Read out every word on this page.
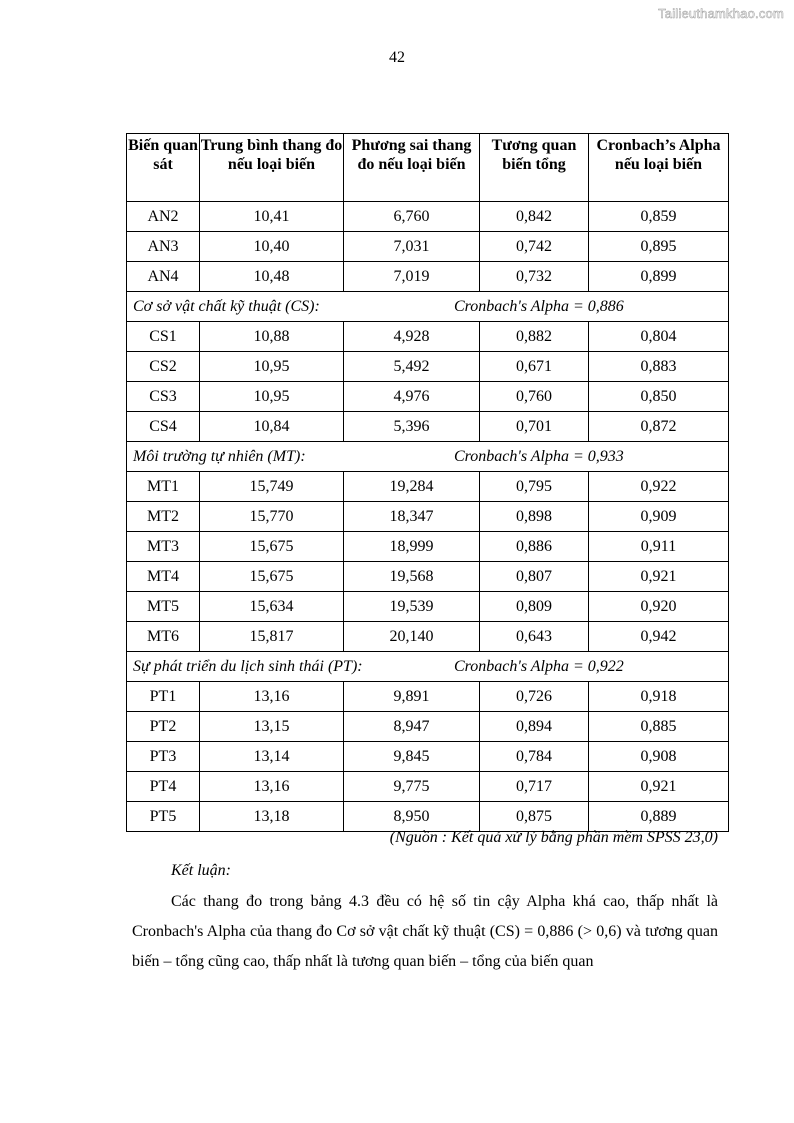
Tailieuthamkhao.com
42
Biến quan sát	Trung bình thang đo nếu loại biến	Phương sai thang đo nếu loại biến	Tương quan biến tổng	Cronbach’s Alpha nếu loại biến
AN2	10,41	6,760	0,842	0,859
AN3	10,40	7,031	0,742	0,895
AN4	10,48	7,019	0,732	0,899

Cơ sở vật chất kỹ thuật (CS): Cronbach's Alpha = 0,886				

CS1	10,88	4,928	0,882	0,804
CS2	10,95	5,492	0,671	0,883
CS3	10,95	4,976	0,760	0,850
CS4	10,84	5,396	0,701	0,872

Môi trường tự nhiên (MT): Cronbach's Alpha = 0,933				

MT1	15,749	19,284	0,795	0,922
MT2	15,770	18,347	0,898	0,909
MT3	15,675	18,999	0,886	0,911
MT4	15,675	19,568	0,807	0,921
MT5	15,634	19,539	0,809	0,920
MT6	15,817	20,140	0,643	0,942

Sự phát triển du lịch sinh thái (PT): Cronbach's Alpha = 0,922				

PT1	13,16	9,891	0,726	0,918
PT2	13,15	8,947	0,894	0,885
PT3	13,14	9,845	0,784	0,908
PT4	13,16	9,775	0,717	0,921
PT5	13,18	8,950	0,875	0,889
(Nguồn : Kết quả xử lý bằng phần mềm SPSS 23,0)
Kết luận:

Các thang đo trong bảng 4.3 đều có hệ số tin cậy Alpha khá cao, thấp nhất là Cronbach's Alpha của thang đo Cơ sở vật chất kỹ thuật (CS) = 0,886 (> 0,6) và tương quan biến – tổng cũng cao, thấp nhất là tương quan biến – tổng của biến quan
